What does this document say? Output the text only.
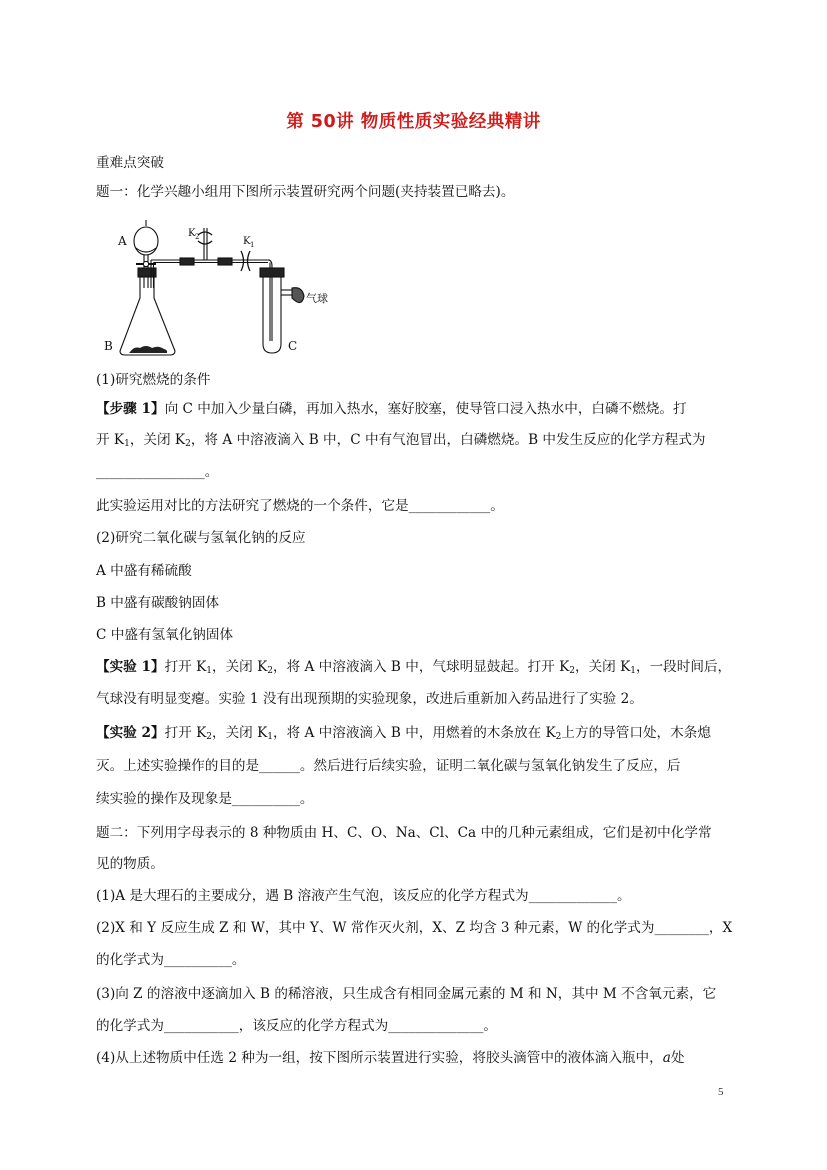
第 50讲 物质性质实验经典精讲
重难点突破
题一：化学兴趣小组用下图所示装置研究两个问题(夹持装置已略去)。
A
B	C
K 2	K 1
气球
(1)研究燃烧的条件
【步骤 1】向 C 中加入少量白磷，再加入热水，塞好胶塞，使导管口浸入热水中，白磷不燃烧。打
开 $K_1$，关闭 $K_2$，将 A 中溶液滴入 B 中，C 中有气泡冒出，白磷燃烧。B 中发生反应的化学方程式为
________________。
此实验运用对比的方法研究了燃烧的一个条件，它是____________。
(2)研究二氧化碳与氢氧化钠的反应
A 中盛有稀硫酸
B 中盛有碳酸钠固体
C 中盛有氢氧化钠固体
【实验 1】打开 $K_1$，关闭 $K_2$，将 A 中溶液滴入 B 中，气球明显鼓起。打开 $K_2$，关闭 $K_1$，一段时间后，
气球没有明显变瘪。实验 1 没有出现预期的实验现象，改进后重新加入药品进行了实验 2。
【实验 2】打开 $K_2$，关闭 $K_1$，将 A 中溶液滴入 B 中，用燃着的木条放在 $K_2$上方的导管口处，木条熄
灭。上述实验操作的目的是______。然后进行后续实验，证明二氧化碳与氢氧化钠发生了反应，后
续实验的操作及现象是__________。
题二：下列用字母表示的 8 种物质由 H、C、O、Na、Cl、Ca 中的几种元素组成，它们是初中化学常
见的物质。
(1)A 是大理石的主要成分，遇 B 溶液产生气泡，该反应的化学方程式为_____________。
(2)X 和 Y 反应生成 Z 和 W，其中 Y、W 常作灭火剂，X、Z 均含 3 种元素，W 的化学式为________，X
的化学式为__________。
(3)向 Z 的溶液中逐滴加入 B 的稀溶液，只生成含有相同金属元素的 M 和 N，其中 M 不含氧元素，它
的化学式为___________，该反应的化学方程式为______________。
(4)从上述物质中任选 2 种为一组，按下图所示装置进行实验，将胶头滴管中的液体滴入瓶中，a处
5
